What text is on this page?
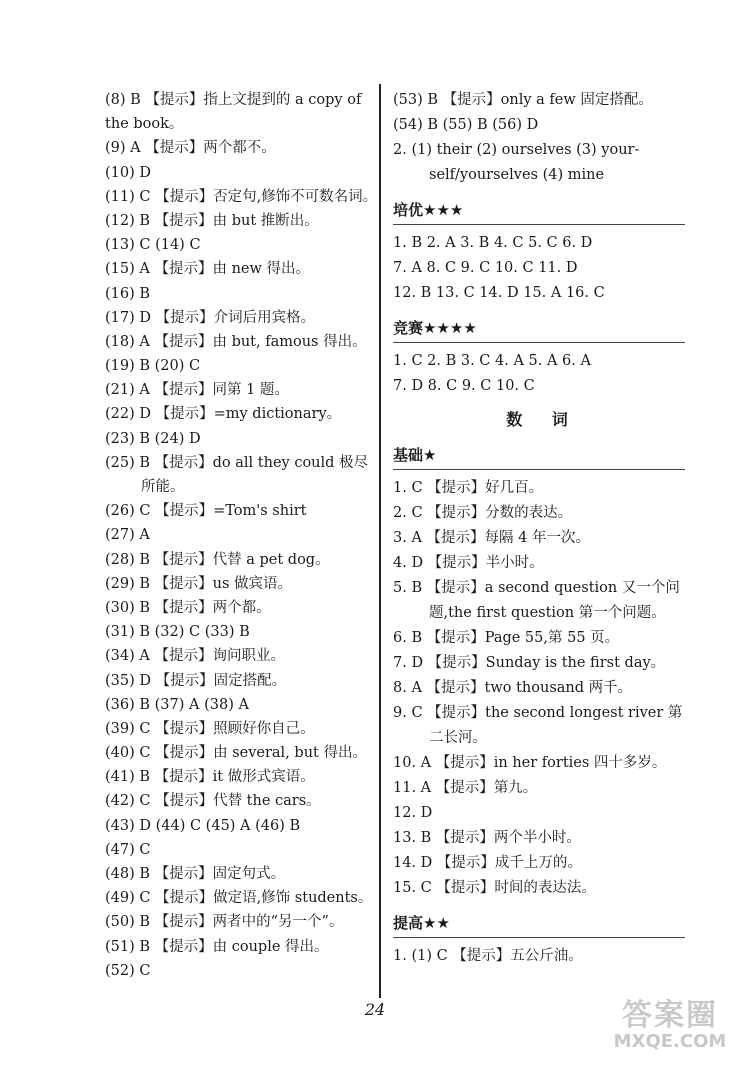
(8) B 【提示】指上文提到的 a copy of
the book。
(9) A 【提示】两个都不。
(10) D
(11) C 【提示】否定句,修饰不可数名词。
(12) B 【提示】由 but 推断出。
(13) C (14) C
(15) A 【提示】由 new 得出。
(16) B
(17) D 【提示】介词后用宾格。
(18) A 【提示】由 but, famous 得出。
(19) B (20) C
(21) A 【提示】同第 1 题。
(22) D 【提示】=my dictionary。
(23) B (24) D
(25) B 【提示】do all they could 极尽
所能。
(26) C 【提示】=Tom's shirt
(27) A
(28) B 【提示】代替 a pet dog。
(29) B 【提示】us 做宾语。
(30) B 【提示】两个都。
(31) B (32) C (33) B
(34) A 【提示】询问职业。
(35) D 【提示】固定搭配。
(36) B (37) A (38) A
(39) C 【提示】照顾好你自己。
(40) C 【提示】由 several, but 得出。
(41) B 【提示】it 做形式宾语。
(42) C 【提示】代替 the cars。
(43) D (44) C (45) A (46) B
(47) C
(48) B 【提示】固定句式。
(49) C 【提示】做定语,修饰 students。
(50) B 【提示】两者中的“另一个”。
(51) B 【提示】由 couple 得出。
(52) C
(53) B 【提示】only a few 固定搭配。
(54) B (55) B (56) D
2. (1) their (2) ourselves (3) your-
self/yourselves (4) mine
培优★★★
1. B 2. A 3. B 4. C 5. C 6. D
7. A 8. C 9. C 10. C 11. D
12. B 13. C 14. D 15. A 16. C
竞赛★★★★
1. C 2. B 3. C 4. A 5. A 6. A
7. D 8. C 9. C 10. C
数 词
基础★
1. C 【提示】好几百。
2. C 【提示】分数的表达。
3. A 【提示】每隔 4 年一次。
4. D 【提示】半小时。
5. B 【提示】a second question 又一个问
题,the first question 第一个问题。
6. B 【提示】Page 55,第 55 页。
7. D 【提示】Sunday is the first day。
8. A 【提示】two thousand 两千。
9. C 【提示】the second longest river 第
二长河。
10. A 【提示】in her forties 四十多岁。
11. A 【提示】第九。
12. D
13. B 【提示】两个半小时。
14. D 【提示】成千上万的。
15. C 【提示】时间的表达法。
提高★★
1. (1) C 【提示】五公斤油。
24	答案圈
MXQE.COM
